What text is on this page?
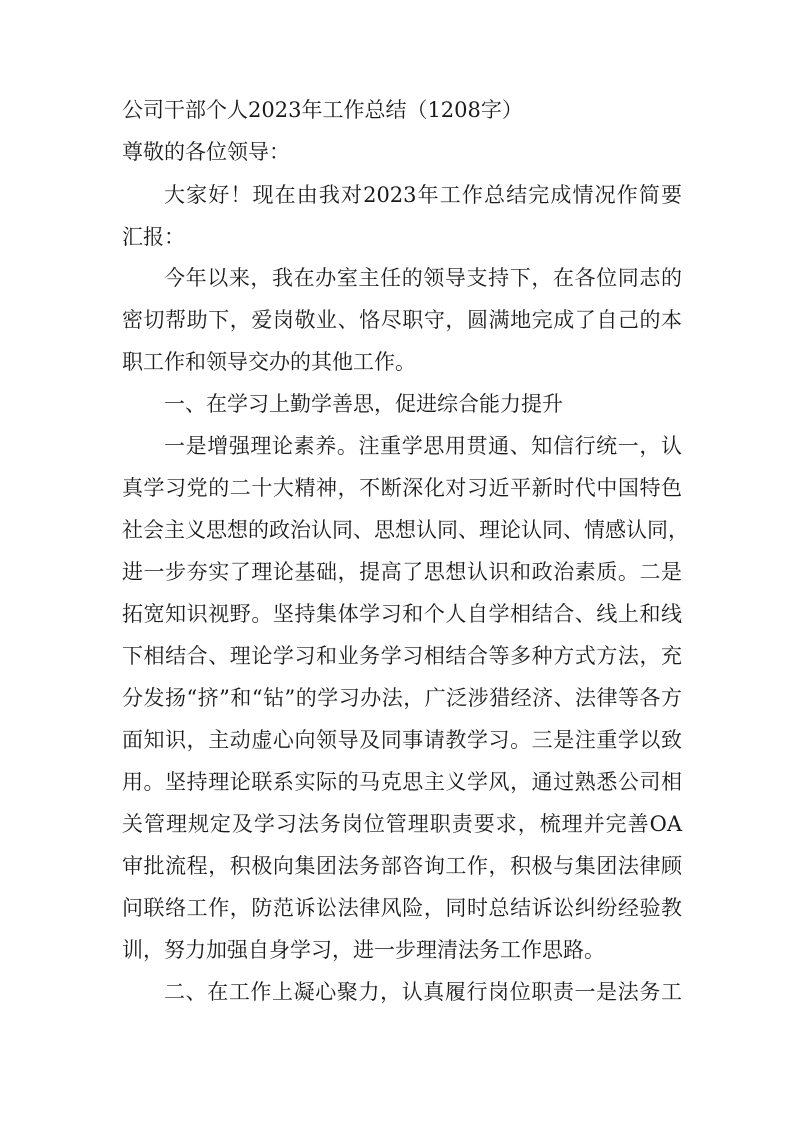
公司干部个人2023年工作总结（1208字）
尊敬的各位领导：
大家好！现在由我对2023年工作总结完成情况作简要
汇报：
今年以来，我在办室主任的领导支持下，在各位同志的
密切帮助下，爱岗敬业、恪尽职守，圆满地完成了自己的本
职工作和领导交办的其他工作。
一、在学习上勤学善思，促进综合能力提升
一是增强理论素养。注重学思用贯通、知信行统一，认
真学习党的二十大精神，不断深化对习近平新时代中国特色
社会主义思想的政治认同、思想认同、理论认同、情感认同，
进一步夯实了理论基础，提高了思想认识和政治素质。二是
拓宽知识视野。坚持集体学习和个人自学相结合、线上和线
下相结合、理论学习和业务学习相结合等多种方式方法，充
分发扬“挤”和“钻”的学习办法，广泛涉猎经济、法律等各方
面知识，主动虚心向领导及同事请教学习。三是注重学以致
用。坚持理论联系实际的马克思主义学风，通过熟悉公司相
关管理规定及学习法务岗位管理职责要求，梳理并完善OA
审批流程，积极向集团法务部咨询工作，积极与集团法律顾
问联络工作，防范诉讼法律风险，同时总结诉讼纠纷经验教
训，努力加强自身学习，进一步理清法务工作思路。
二、在工作上凝心聚力，认真履行岗位职责一是法务工
